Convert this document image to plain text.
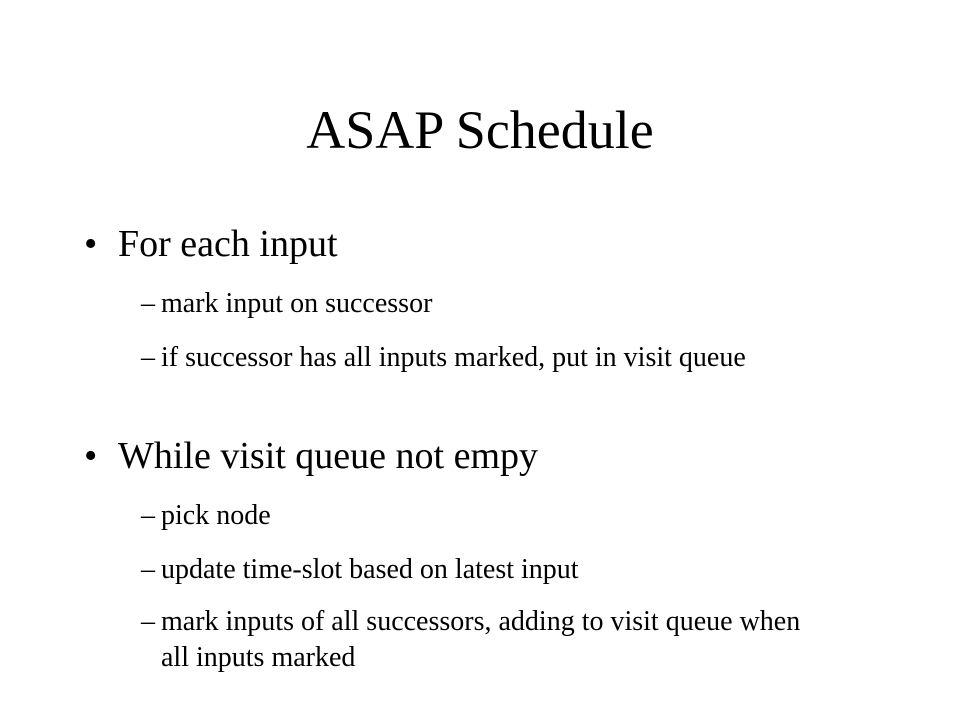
ASAP Schedule
• For each input
– mark input on successor
– if successor has all inputs marked, put in visit queue
• While visit queue not empy
– pick node
– update time-slot based on latest input
– mark inputs of all successors, adding to visit queue when all inputs marked
